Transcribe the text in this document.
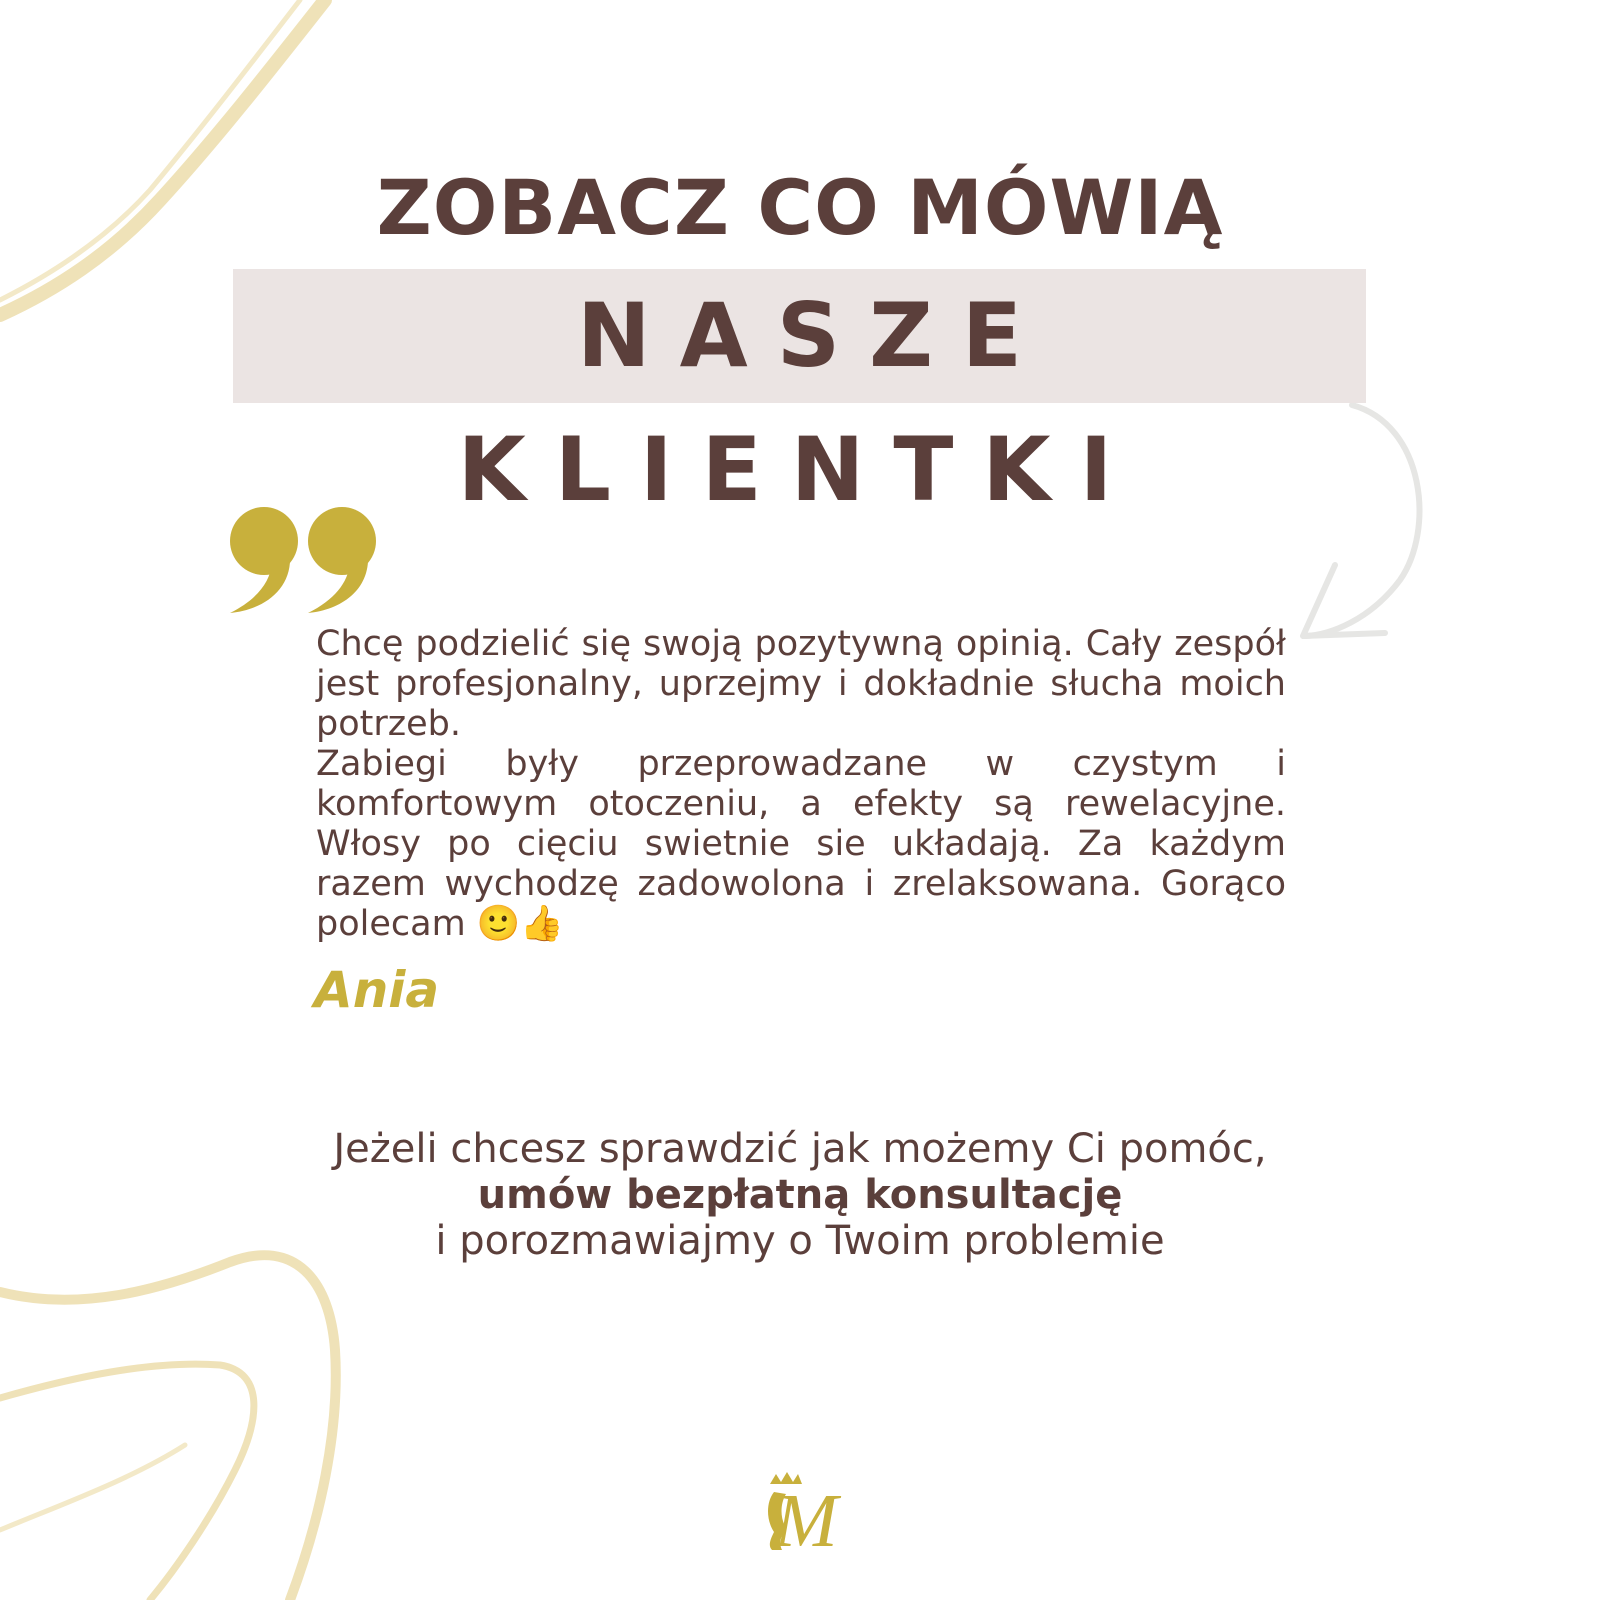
ZOBACZ CO MÓWIĄ
NASZE KLIENTKI

Chcę podzielić się swoją pozytywną opinią. Cały zespół jest profesjonalny, uprzejmy i dokładnie słucha moich potrzeb.

Zabiegi były przeprowadzane w czystym i komfortowym otoczeniu, a efekty są rewelacyjne. Włosy po cięciu swietnie sie układają. Za każdym razem wychodzę zadowolona i zrelaksowana. Gorąco polecam 🙂👍

Ania

Jeżeli chcesz sprawdzić jak możemy Ci pomóc,
umów bezpłatną konsultację
i porozmawiajmy o Twoim problemie
M
